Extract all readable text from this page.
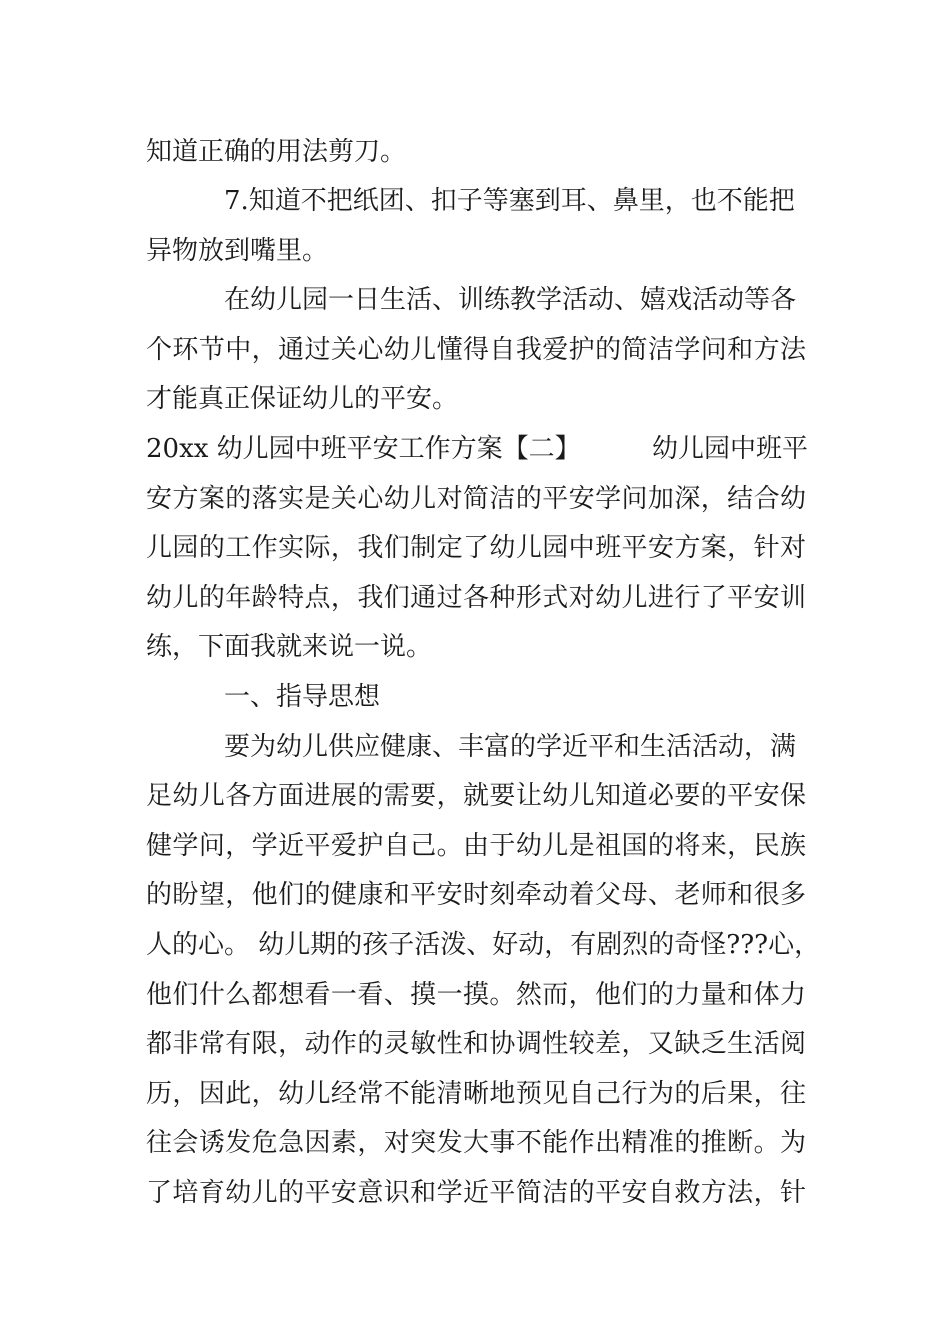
知道正确的用法剪刀。
7.知道不把纸团、扣子等塞到耳、鼻里，也不能把
异物放到嘴里。
在幼儿园一日生活、训练教学活动、嬉戏活动等各
个环节中，通过关心幼儿懂得自我爱护的简洁学问和方法
才能真正保证幼儿的平安。
20xx 幼儿园中班平安工作方案【二】	幼儿园中班平
安方案的落实是关心幼儿对简洁的平安学问加深，结合幼
儿园的工作实际，我们制定了幼儿园中班平安方案，针对
幼儿的年龄特点，我们通过各种形式对幼儿进行了平安训
练，下面我就来说一说。
一、指导思想
要为幼儿供应健康、丰富的学近平和生活活动，满
足幼儿各方面进展的需要，就要让幼儿知道必要的平安保
健学问，学近平爱护自己。由于幼儿是祖国的将来，民族
的盼望，他们的健康和平安时刻牵动着父母、老师和很多
人的心。 幼儿期的孩子活泼、好动，有剧烈的奇怪???心，
他们什么都想看一看、摸一摸。然而，他们的力量和体力
都非常有限，动作的灵敏性和协调性较差，又缺乏生活阅
历，因此，幼儿经常不能清晰地预见自己行为的后果，往
往会诱发危急因素，对突发大事不能作出精准的推断。为
了培育幼儿的平安意识和学近平简洁的平安自救方法，针
